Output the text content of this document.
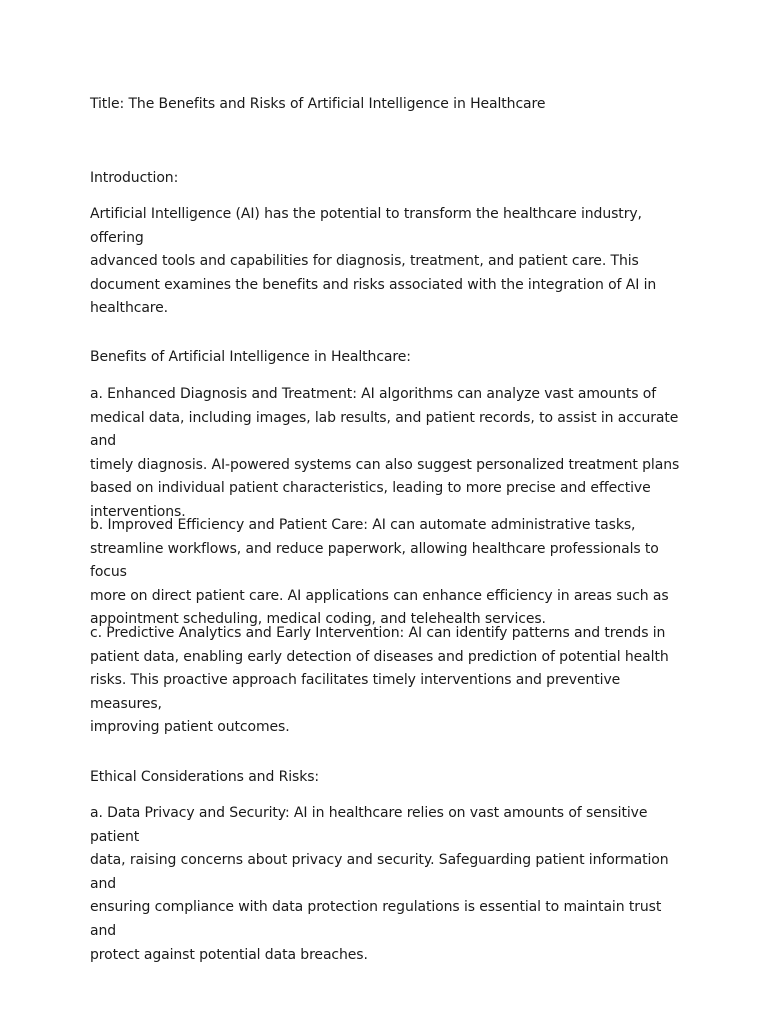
Title: The Benefits and Risks of Artificial Intelligence in Healthcare
Introduction:
Artificial Intelligence (AI) has the potential to transform the healthcare industry, offering
advanced tools and capabilities for diagnosis, treatment, and patient care. This
document examines the benefits and risks associated with the integration of AI in
healthcare.
Benefits of Artificial Intelligence in Healthcare:
a. Enhanced Diagnosis and Treatment: AI algorithms can analyze vast amounts of
medical data, including images, lab results, and patient records, to assist in accurate and
timely diagnosis. AI-powered systems can also suggest personalized treatment plans
based on individual patient characteristics, leading to more precise and effective
interventions.
b. Improved Efficiency and Patient Care: AI can automate administrative tasks,
streamline workflows, and reduce paperwork, allowing healthcare professionals to focus
more on direct patient care. AI applications can enhance efficiency in areas such as
appointment scheduling, medical coding, and telehealth services.
c. Predictive Analytics and Early Intervention: AI can identify patterns and trends in
patient data, enabling early detection of diseases and prediction of potential health
risks. This proactive approach facilitates timely interventions and preventive measures,
improving patient outcomes.
Ethical Considerations and Risks:
a. Data Privacy and Security: AI in healthcare relies on vast amounts of sensitive patient
data, raising concerns about privacy and security. Safeguarding patient information and
ensuring compliance with data protection regulations is essential to maintain trust and
protect against potential data breaches.
